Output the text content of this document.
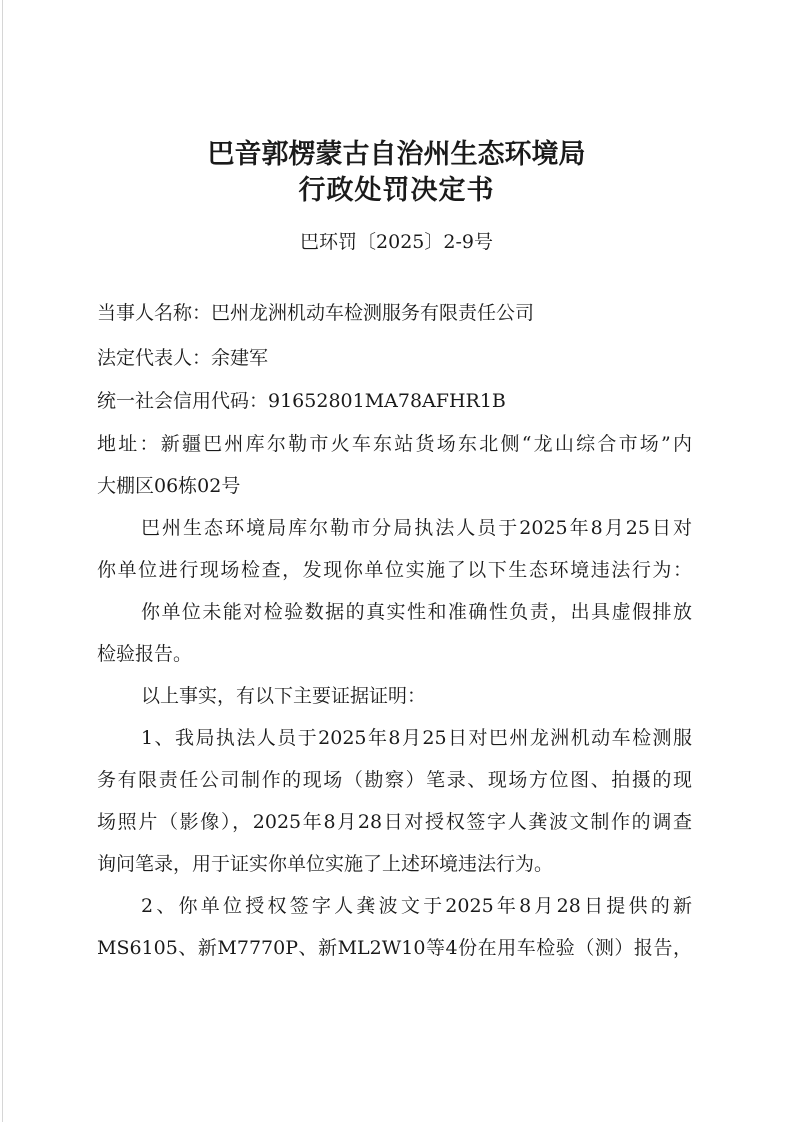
巴音郭楞蒙古自治州生态环境局
行政处罚决定书
巴环罚〔2025〕2-9号
当事人名称：巴州龙洲机动车检测服务有限责任公司
法定代表人：余建军
统一社会信用代码：91652801MA78AFHR1B
地址：新疆巴州库尔勒市火车东站货场东北侧“龙山综合市场”内
大棚区06栋02号
巴州生态环境局库尔勒市分局执法人员于2025年8月25日对
你单位进行现场检查，发现你单位实施了以下生态环境违法行为：
你单位未能对检验数据的真实性和准确性负责，出具虚假排放
检验报告。
以上事实，有以下主要证据证明：
1、我局执法人员于2025年8月25日对巴州龙洲机动车检测服
务有限责任公司制作的现场（勘察）笔录、现场方位图、拍摄的现
场照片（影像），2025年8月28日对授权签字人龚波文制作的调查
询问笔录，用于证实你单位实施了上述环境违法行为。
2、你单位授权签字人龚波文于2025年8月28日提供的新
MS6105、新M7770P、新ML2W10等4份在用车检验（测）报告，
